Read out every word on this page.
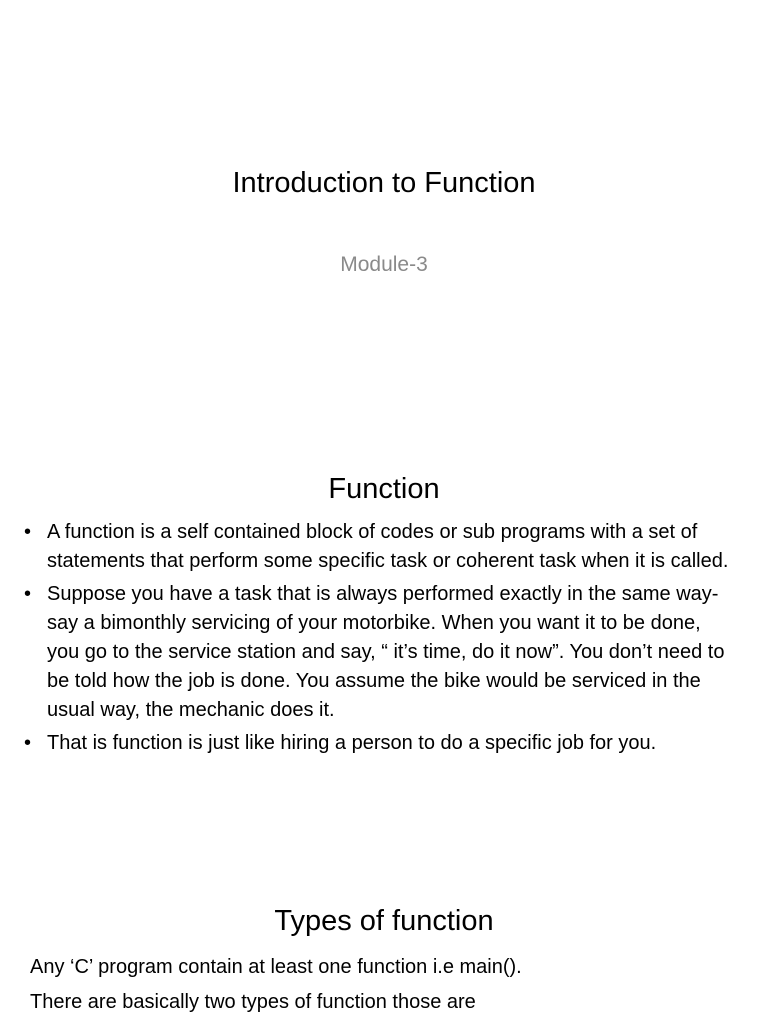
Introduction to Function

Module-3

Function
• A function is a self contained block of codes or sub programs with a set of statements that perform some specific task or coherent task when it is called.
• Suppose you have a task that is always performed exactly in the same way-say a bimonthly servicing of your motorbike. When you want it to be done, you go to the service station and say, “ it’s time, do it now”. You don’t need to be told how the job is done. You assume the bike would be serviced in the usual way, the mechanic does it.
• That is function is just like hiring a person to do a specific job for you.
Types of function

Any ‘C’ program contain at least one function i.e main().

There are basically two types of function those are
